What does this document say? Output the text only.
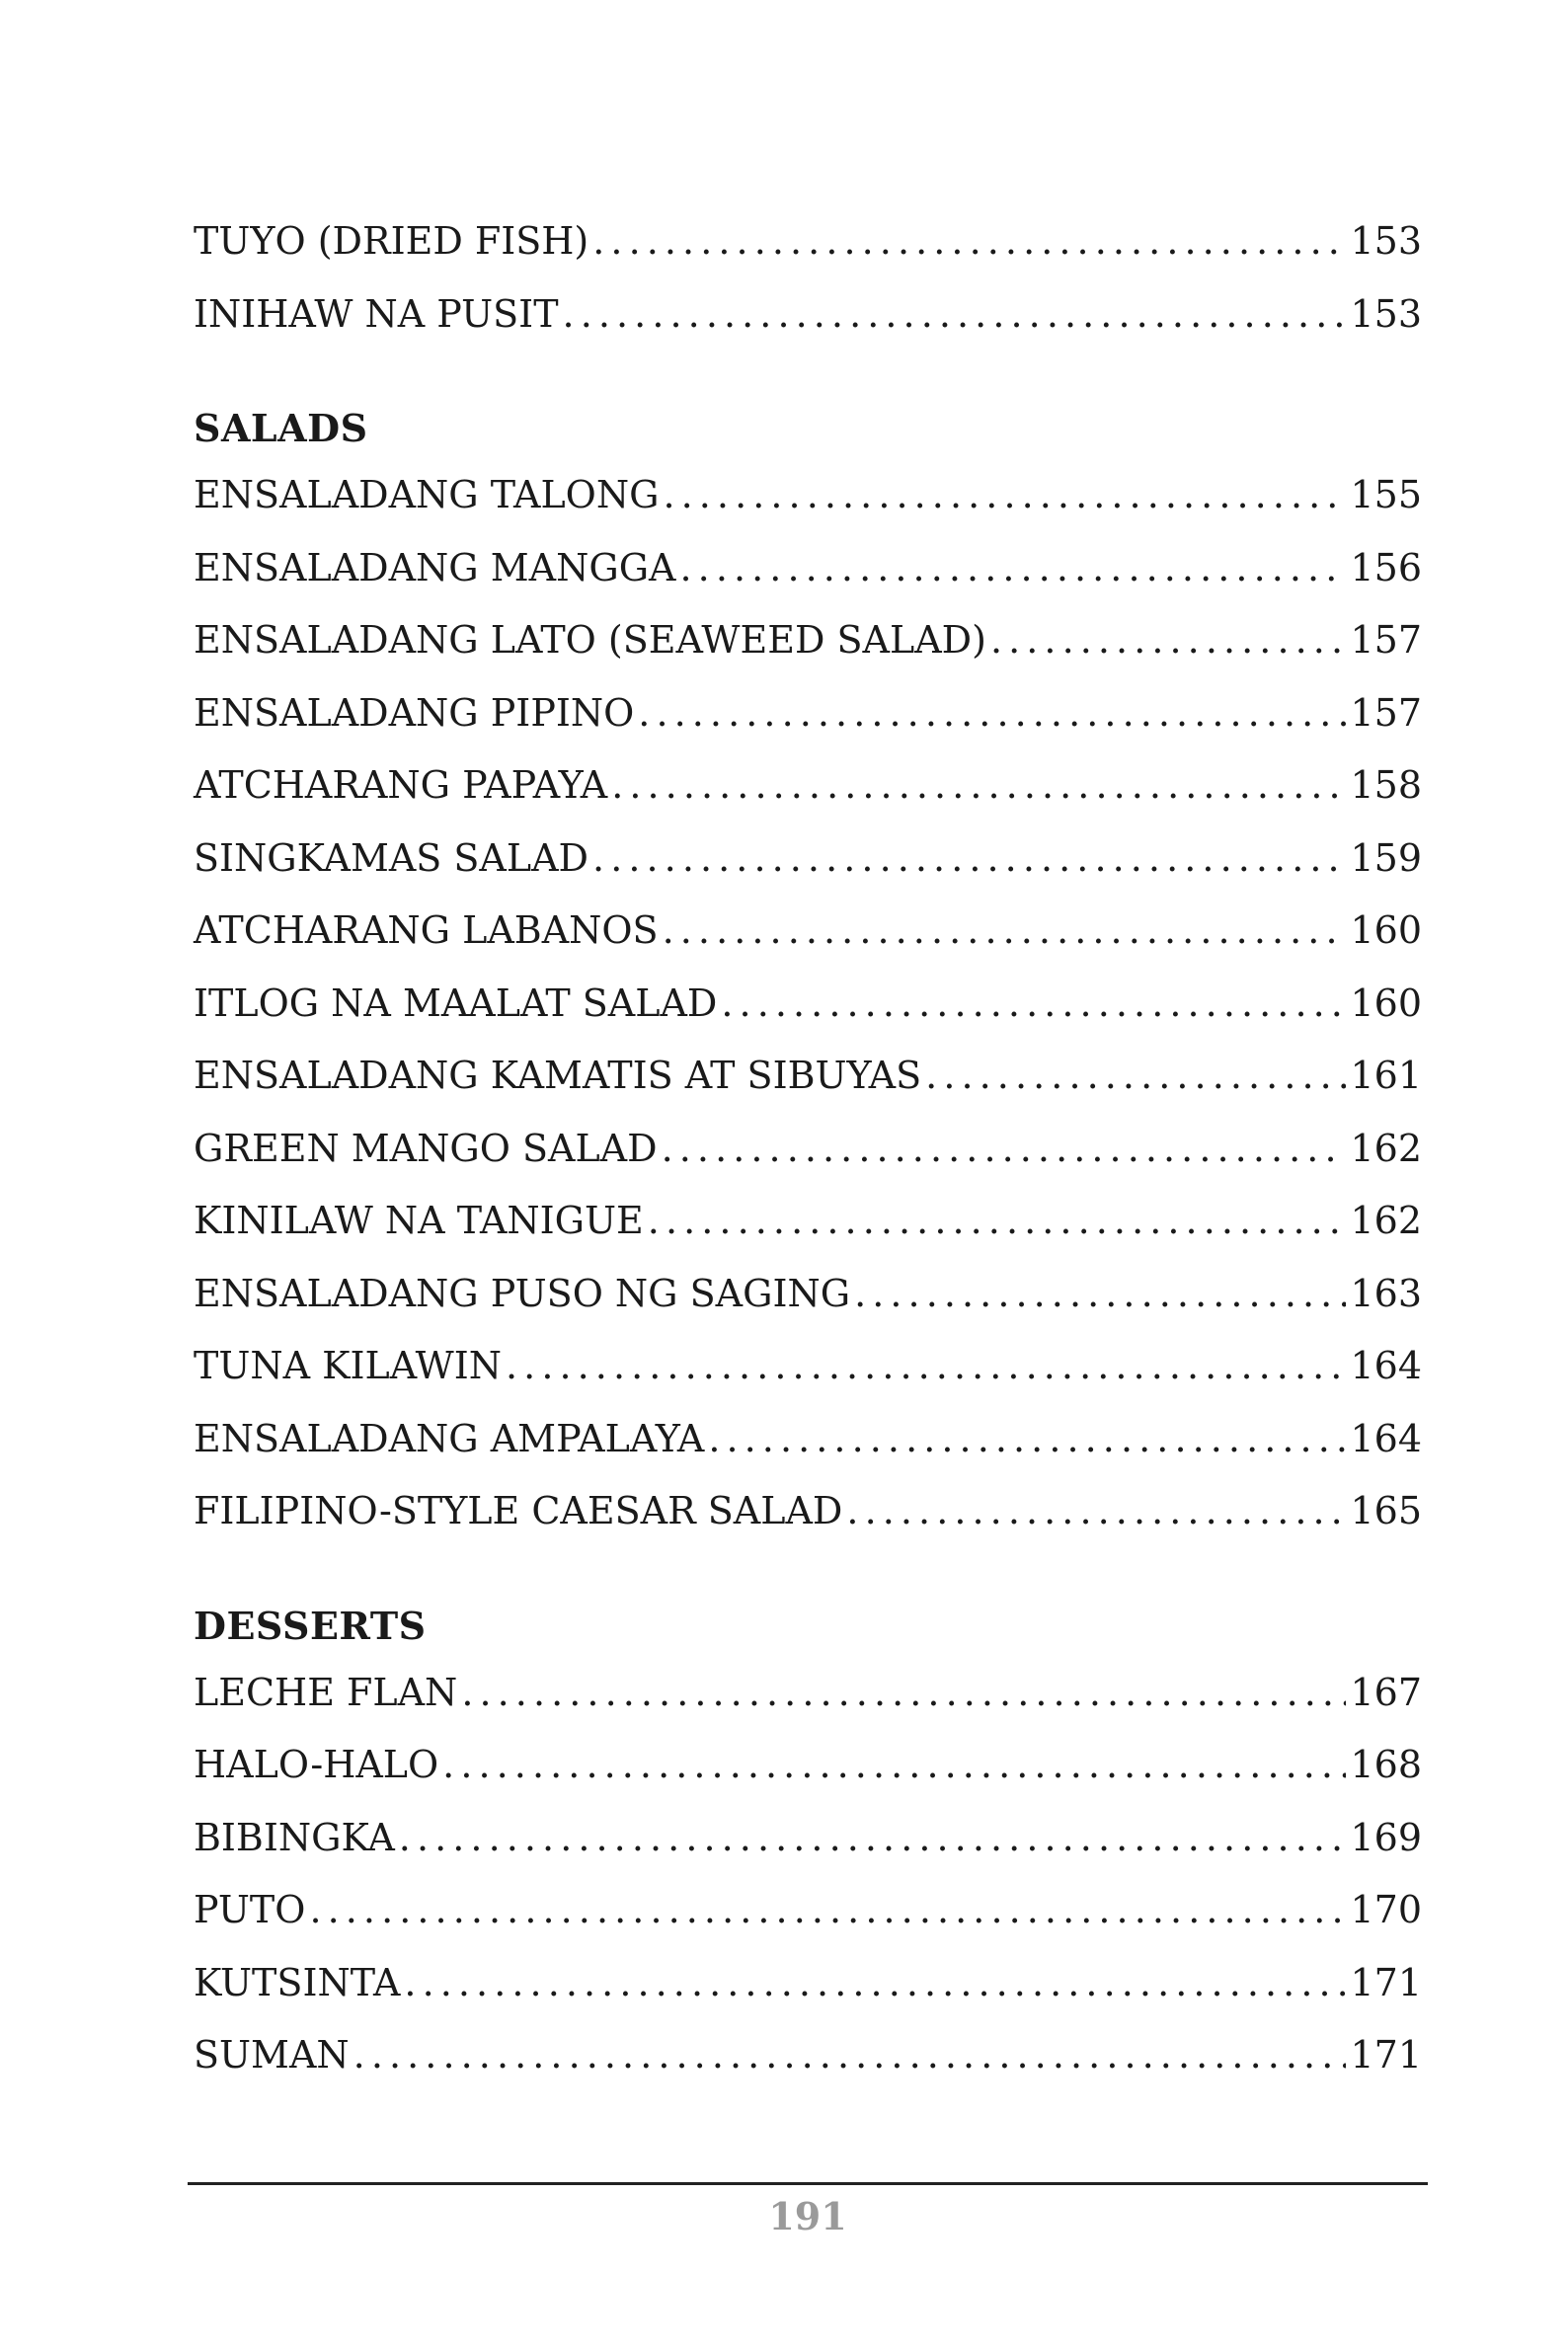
TUYO (DRIED FISH) . . .	153
INIHAW NA PUSIT . . .	153
SALADS
ENSALADANG TALONG . . .	155
ENSALADANG MANGGA . . .	156
ENSALADANG LATO (SEAWEED SALAD) . . .	157
ENSALADANG PIPINO . . .	157
ATCHARANG PAPAYA . . .	158
SINGKAMAS SALAD . . .	159
ATCHARANG LABANOS . . .	160
ITLOG NA MAALAT SALAD . . .	160
ENSALADANG KAMATIS AT SIBUYAS . . .	161
GREEN MANGO SALAD . . .	162
KINILAW NA TANIGUE . . .	162
ENSALADANG PUSO NG SAGING . . .	163
TUNA KILAWIN . . .	164
ENSALADANG AMPALAYA . . .	164
FILIPINO-STYLE CAESAR SALAD . . .	165
DESSERTS
LECHE FLAN . . .	167
HALO-HALO . . .	168
BIBINGKA . . .	169
PUTO . . .	170
KUTSINTA . . .	171
SUMAN . . .	171
191
